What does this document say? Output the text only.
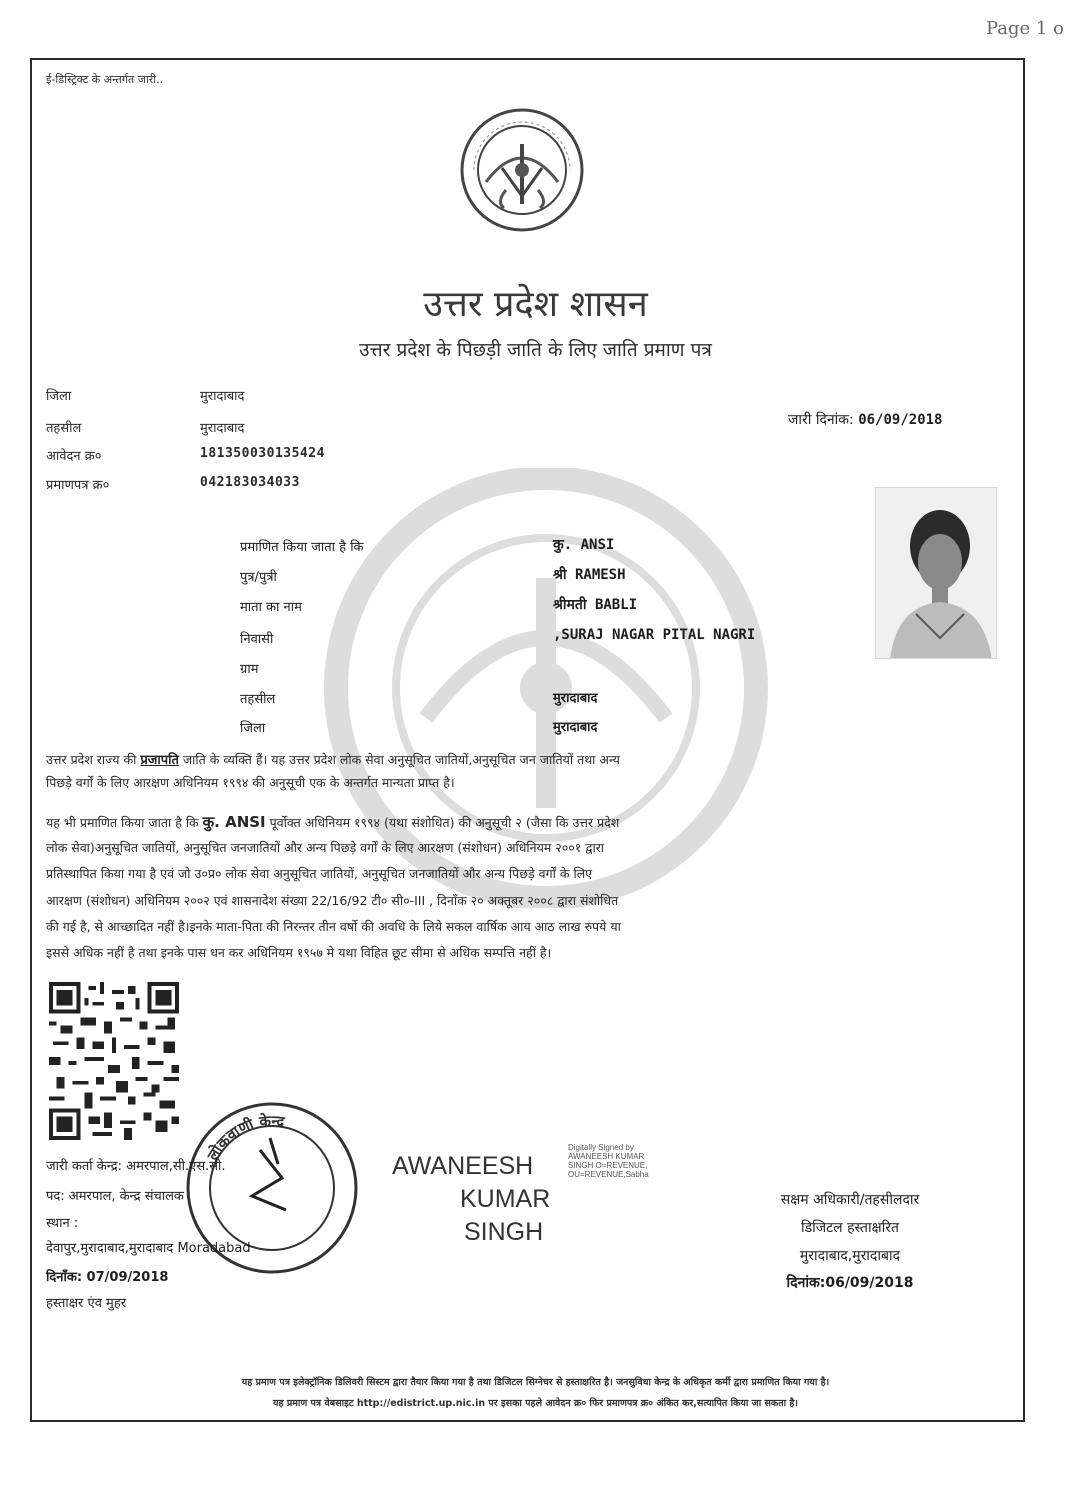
Page 1 o
ई-डिस्ट्रिक्ट के अन्तर्गत जारी..
उत्तर प्रदेश शासन
उत्तर प्रदेश के पिछड़ी जाति के लिए जाति प्रमाण पत्र
जिला	मुरादाबाद
तहसील	मुरादाबाद
आवेदन क्र०	181350030135424
प्रमाणपत्र क्र०	042183034033
जारी दिनांक: 06/09/2018
प्रमाणित किया जाता है कि	कु. ANSI
पुत्र/पुत्री	श्री RAMESH
माता का नाम	श्रीमती BABLI
निवासी	,SURAJ NAGAR PITAL NAGRI
ग्राम
तहसील	मुरादाबाद
जिला	मुरादाबाद
उत्तर प्रदेश राज्य की प्रजापति जाति के व्यक्ति हैं। यह उत्तर प्रदेश लोक सेवा अनुसूचित जातियों,अनुसूचित जन जातियों तथा अन्य
पिछड़े वर्गों के लिए आरक्षण अधिनियम १९९४ की अनुसूची एक के अन्तर्गत मान्यता प्राप्त है।
यह भी प्रमाणित किया जाता है कि कु. ANSI पूर्वोक्त अधिनियम १९९४ (यथा संशोधित) की अनुसूची २ (जैसा कि उत्तर प्रदेश
लोक सेवा)अनुसूचित जातियों, अनुसूचित जनजातियों और अन्य पिछड़े वर्गों के लिए आरक्षण (संशोधन) अधिनियम २००१ द्वारा
प्रतिस्थापित किया गया है एवं जो उ०प्र० लोक सेवा अनुसूचित जातियों, अनुसूचित जनजातियों और अन्य पिछड़े वर्गों के लिए
आरक्षण (संशोधन) अधिनियम २००२ एवं शासनादेश संख्या 22/16/92 टी० सी०-III , दिनाँक २० अक्तूबर २००८ द्वारा संशोधित
की गई है, से आच्छादित नहीं है।इनके माता-पिता की निरन्तर तीन वर्षो की अवधि के लिये सकल वार्षिक आय आठ लाख रुपये या
इससे अधिक नहीं है तथा इनके पास धन कर अधिनियम १९५७ मे यथा विहित छूट सीमा से अधिक सम्पत्ति नहीं है।
लोकवाणी केन्द्र
जारी कर्ता केन्द्र: अमरपाल,सी.एस.सी.
पद: अमरपाल, केन्द्र संचालक
स्थान :
देवापुर,मुरादाबाद,मुरादाबाद Moradabad
दिनाँक: 07/09/2018
हस्ताक्षर एंव मुहर
AWANEESH
KUMAR
SINGH
Digitally Signed by
AWANEESH KUMAR
SINGH O=REVENUE,
OU=REVENUE,Sabha
सक्षम अधिकारी/तहसीलदार
डिजिटल हस्ताक्षरित
मुरादाबाद,मुरादाबाद
दिनांक:06/09/2018
यह प्रमाण पत्र इलेक्ट्रॉनिक डिलिवरी सिस्टम द्वारा तैयार किया गया है तथा डिजिटल सिग्नेचर से हस्ताक्षरित है। जनसुविधा केन्द्र के अधिकृत कर्मी द्वारा प्रमाणित किया गया है।
यह प्रमाण पत्र वेबसाइट http://edistrict.up.nic.in पर इसका पहले आवेदन क्र० फिर प्रमाणपत्र क्र० अंकित कर,सत्यापित किया जा सकता है।
